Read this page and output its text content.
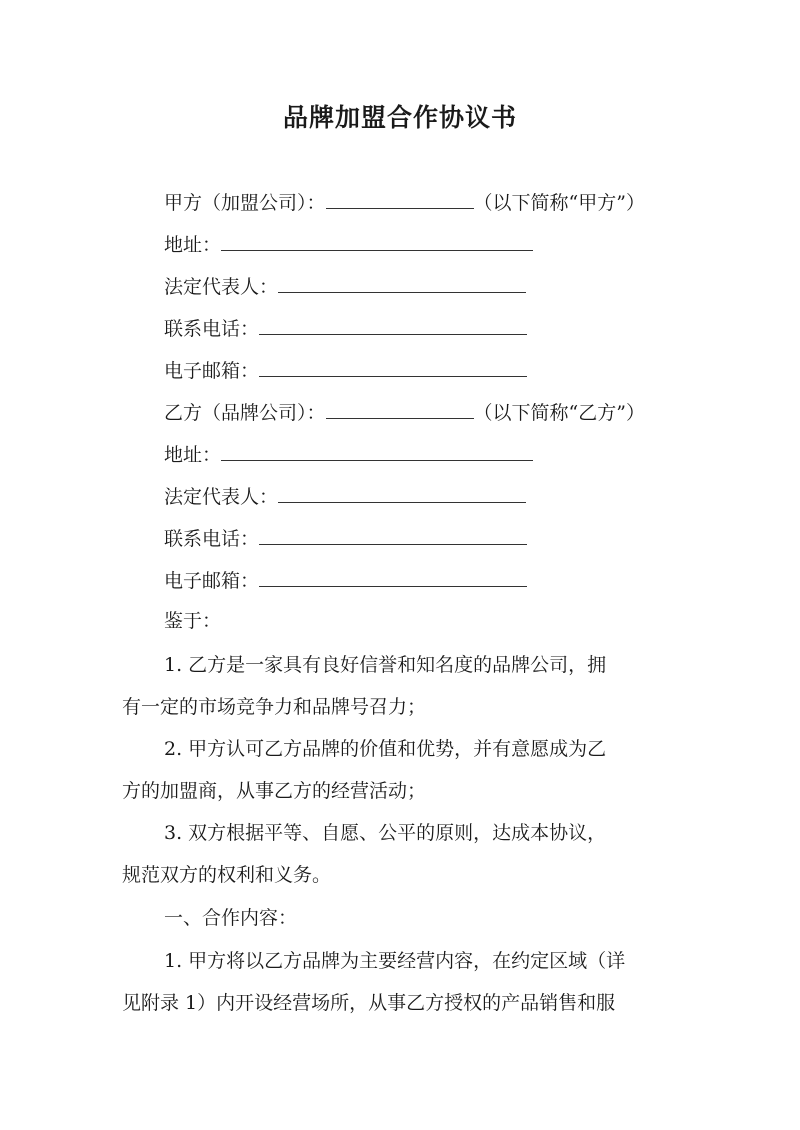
品牌加盟合作协议书
甲方（加盟公司）：	（以下简称“甲方”）
地址：
法定代表人：
联系电话：
电子邮箱：
乙方（品牌公司）：	（以下简称“乙方”）
地址：
法定代表人：
联系电话：
电子邮箱：
鉴于：
1. 乙方是一家具有良好信誉和知名度的品牌公司，拥
有一定的市场竞争力和品牌号召力；
2. 甲方认可乙方品牌的价值和优势，并有意愿成为乙
方的加盟商，从事乙方的经营活动；
3. 双方根据平等、自愿、公平的原则，达成本协议，
规范双方的权利和义务。
一、合作内容：
1. 甲方将以乙方品牌为主要经营内容，在约定区域（详
见附录 1）内开设经营场所，从事乙方授权的产品销售和服
